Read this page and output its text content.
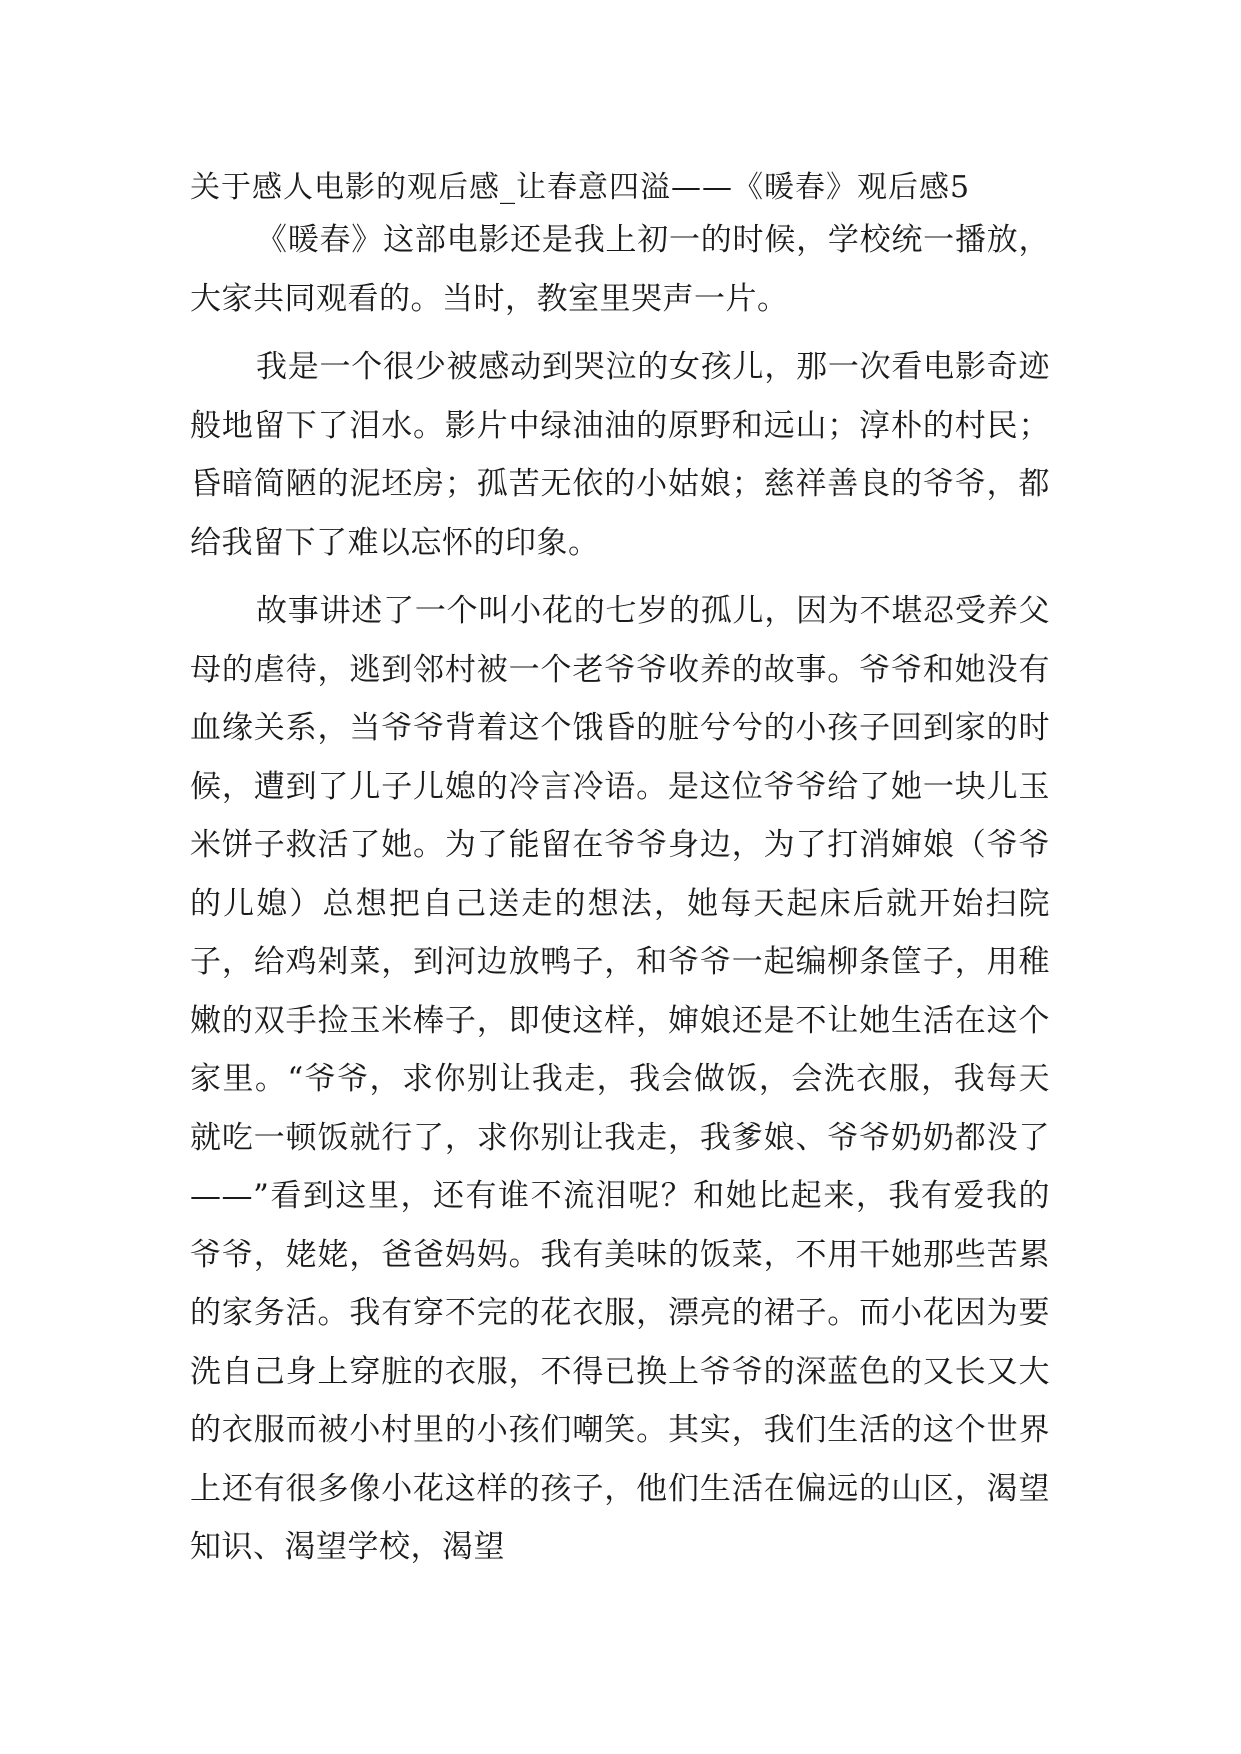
关于感人电影的观后感_让春意四溢——《暖春》观后感5

《暖春》这部电影还是我上初一的时候，学校统一播放，大家共同观看的。当时，教室里哭声一片。

我是一个很少被感动到哭泣的女孩儿，那一次看电影奇迹般地留下了泪水。影片中绿油油的原野和远山；淳朴的村民；昏暗简陋的泥坯房；孤苦无依的小姑娘；慈祥善良的爷爷，都给我留下了难以忘怀的印象。

故事讲述了一个叫小花的七岁的孤儿，因为不堪忍受养父母的虐待，逃到邻村被一个老爷爷收养的故事。爷爷和她没有血缘关系，当爷爷背着这个饿昏的脏兮兮的小孩子回到家的时候，遭到了儿子儿媳的冷言冷语。是这位爷爷给了她一块儿玉米饼子救活了她。为了能留在爷爷身边，为了打消婶娘（爷爷的儿媳）总想把自己送走的想法，她每天起床后就开始扫院子，给鸡剁菜，到河边放鸭子，和爷爷一起编柳条筐子，用稚嫩的双手捡玉米棒子，即使这样，婶娘还是不让她生活在这个家里。“爷爷，求你别让我走，我会做饭，会洗衣服，我每天就吃一顿饭就行了，求你别让我走，我爹娘、爷爷奶奶都没了——”看到这里，还有谁不流泪呢？和她比起来，我有爱我的爷爷，姥姥，爸爸妈妈。我有美味的饭菜，不用干她那些苦累的家务活。我有穿不完的花衣服，漂亮的裙子。而小花因为要洗自己身上穿脏的衣服，不得已换上爷爷的深蓝色的又长又大的衣服而被小村里的小孩们嘲笑。其实，我们生活的这个世界上还有很多像小花这样的孩子，他们生活在偏远的山区，渴望知识、渴望学校，渴望
